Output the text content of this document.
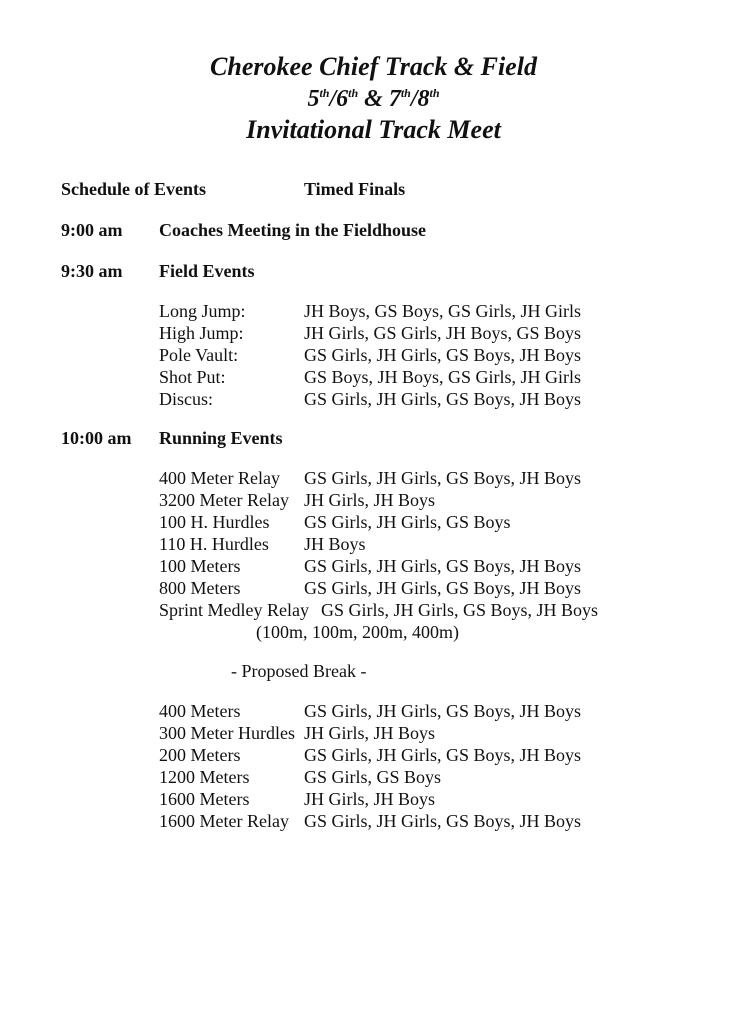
Cherokee Chief Track & Field
5th/6th & 7th/8th
Invitational Track Meet
Schedule of Events	Timed Finals
9:00 am Coaches Meeting in the Fieldhouse
9:30 am Field Events
Long Jump:	JH Boys, GS Boys, GS Girls, JH Girls
High Jump:	JH Girls, GS Girls, JH Boys, GS Boys
Pole Vault:	GS Girls, JH Girls, GS Boys, JH Boys
Shot Put:	GS Boys, JH Boys, GS Girls, JH Girls
Discus:	GS Girls, JH Girls, GS Boys, JH Boys
10:00 am Running Events
400 Meter Relay GS Girls, JH Girls, GS Boys, JH Boys
3200 Meter Relay JH Girls, JH Boys
100 H. Hurdles GS Girls, JH Girls, GS Boys
110 H. Hurdles JH Boys
100 Meters	GS Girls, JH Girls, GS Boys, JH Boys
800 Meters	GS Girls, JH Girls, GS Boys, JH Boys
Sprint Medley Relay GS Girls, JH Girls, GS Boys, JH Boys
(100m, 100m, 200m, 400m)
- Proposed Break -
400 Meters	GS Girls, JH Girls, GS Boys, JH Boys
300 Meter Hurdles JH Girls, JH Boys
200 Meters	GS Girls, JH Girls, GS Boys, JH Boys
1200 Meters	GS Girls, GS Boys
1600 Meters	JH Girls, JH Boys
1600 Meter Relay GS Girls, JH Girls, GS Boys, JH Boys
